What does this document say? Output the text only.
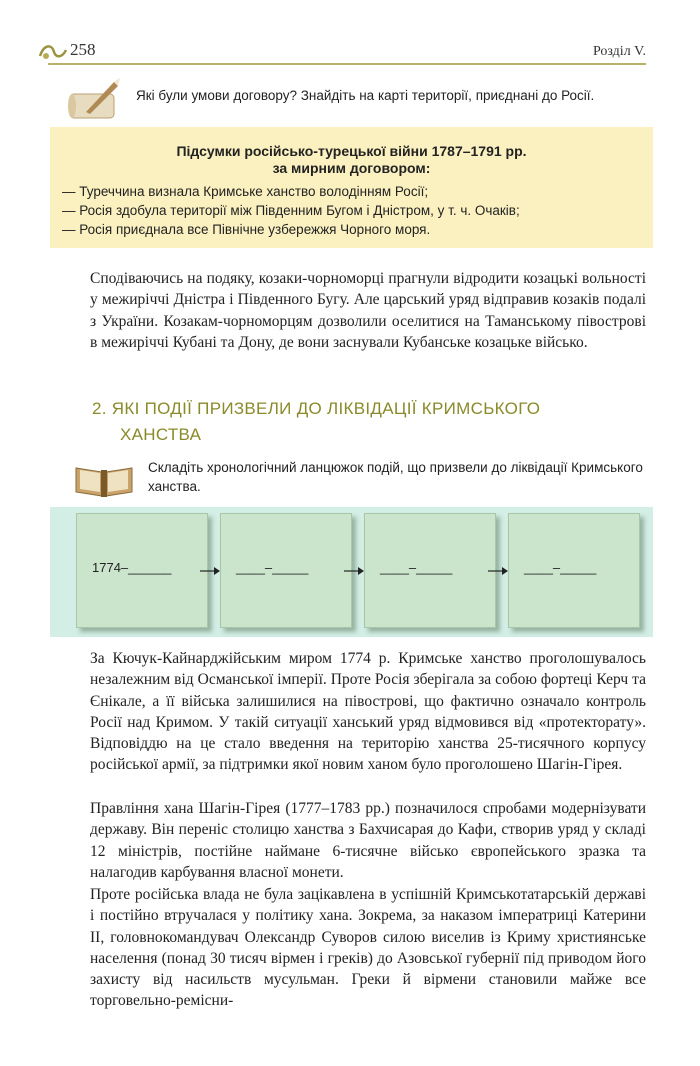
258	Розділ V.
Які були умови договору? Знайдіть на карті території, приєднані до Росії.
Підсумки російсько-турецької війни 1787–1791 рр.
за мирним договором:
— Туреччина визнала Кримське ханство володінням Росії;
— Росія здобула території між Південним Бугом і Дністром, у т. ч. Очаків;
— Росія приєднала все Північне узбережжя Чорного моря.

Сподіваючись на подяку, козаки-чорноморці прагнули відродити козацькі вольності у межиріччі Дністра і Південного Бугу. Але царський уряд відправив козаків подалі з України. Козакам-чорноморцям дозволили оселитися на Таманському півострові в межиріччі Кубані та Дону, де вони заснували Кубанське козацьке військо.

2. ЯКІ ПОДІЇ ПРИЗВЕЛИ ДО ЛІКВІДАЦІЇ КРИМСЬКОГО
ХАНСТВА
Складіть хронологічний ланцюжок подій, що призвели до ліквідації Кримського ханства.
1774–______	____–_____	____–_____	____–_____

За Кючук-Кайнарджійським миром 1774 р. Кримське ханство проголошувалось незалежним від Османської імперії. Проте Росія зберігала за собою фортеці Керч та Єнікале, а її війська залишилися на півострові, що фактично означало контроль Росії над Кримом. У такій ситуації ханський уряд відмовився від «протекторату». Відповіддю на це стало введення на територію ханства 25-тисячного корпусу російської армії, за підтримки якої новим ханом було проголошено Шагін-Гірея.

Правління хана Шагін-Гірея (1777–1783 рр.) позначилося спробами модернізувати державу. Він переніс столицю ханства з Бахчисарая до Кафи, створив уряд у складі 12 міністрів, постійне наймане 6-тисячне військо європейського зразка та налагодив карбування власної монети.

Проте російська влада не була зацікавлена в успішній Кримськотатарській державі і постійно втручалася у політику хана. Зокрема, за наказом імператриці Катерини ІІ, головнокомандувач Олександр Суворов силою виселив із Криму християнське населення (понад 30 тисяч вірмен і греків) до Азовської губернії під приводом його захисту від насильств мусульман. Греки й вірмени становили майже все торговельно-ремісни-
